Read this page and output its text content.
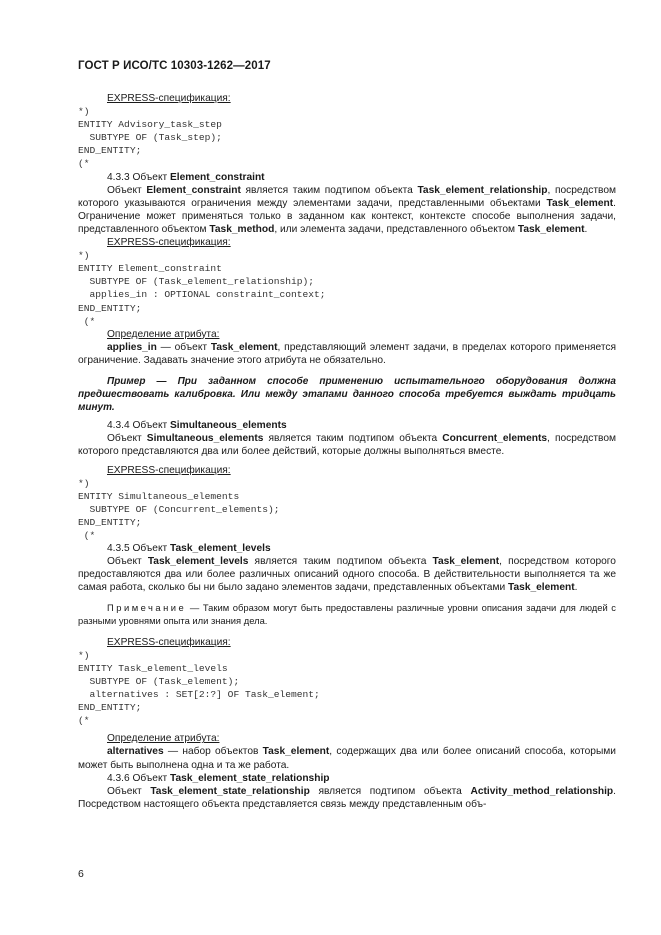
ГОСТ Р ИСО/ТС 10303-1262—2017

EXPRESS-спецификация:

*)
ENTITY Advisory_task_step
SUBTYPE OF (Task_step);
END_ENTITY;
(*

4.3.3 Объект Element_constraint

Объект Element_constraint является таким подтипом объекта Task_element_relationship, посредством которого указываются ограничения между элементами задачи, представленными объектами Task_element. Ограничение может применяться только в заданном как контекст, контексте способе выполнения задачи, представленного объектом Task_method, или элемента задачи, представленного объектом Task_element.

EXPRESS-спецификация:

*)
ENTITY Element_constraint
SUBTYPE OF (Task_element_relationship);
applies_in : OPTIONAL constraint_context;
END_ENTITY;
(*

Определение атрибута:

applies_in — объект Task_element, представляющий элемент задачи, в пределах которого применяется ограничение. Задавать значение этого атрибута не обязательно.

Пример — При заданном способе применению испытательного оборудования должна предшествовать калибровка. Или между этапами данного способа требуется выждать тридцать минут.

4.3.4 Объект Simultaneous_elements

Объект Simultaneous_elements является таким подтипом объекта Concurrent_elements, посредством которого представляются два или более действий, которые должны выполняться вместе.

EXPRESS-спецификация:

*)
ENTITY Simultaneous_elements
SUBTYPE OF (Concurrent_elements);
END_ENTITY;
(*

4.3.5 Объект Task_element_levels

Объект Task_element_levels является таким подтипом объекта Task_element, посредством которого предоставляются два или более различных описаний одного способа. В действительности выполняется та же самая работа, сколько бы ни было задано элементов задачи, представленных объектами Task_element.

Примечание — Таким образом могут быть предоставлены различные уровни описания задачи для людей с разными уровнями опыта или знания дела.

EXPRESS-спецификация:

*)
ENTITY Task_element_levels
SUBTYPE OF (Task_element);
alternatives : SET[2:?] OF Task_element;
END_ENTITY;
(*

Определение атрибута:

alternatives — набор объектов Task_element, содержащих два или более описаний способа, которыми может быть выполнена одна и та же работа.

4.3.6 Объект Task_element_state_relationship

Объект Task_element_state_relationship является подтипом объекта Activity_method_relationship. Посредством настоящего объекта представляется связь между представленным объ-

6
